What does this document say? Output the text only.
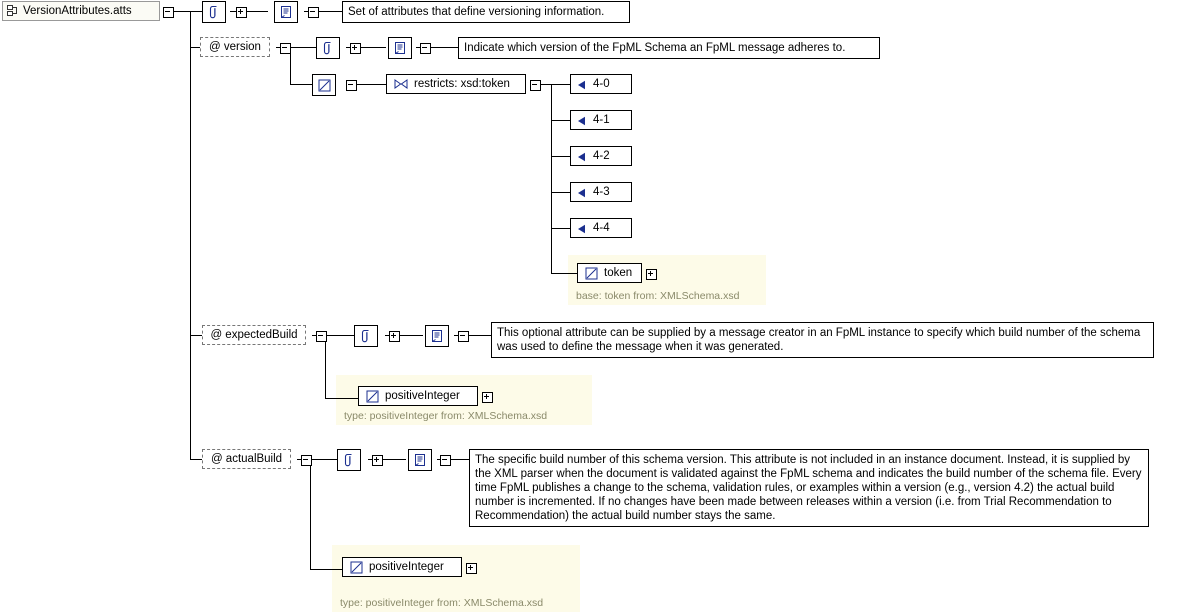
base: token from: XMLSchema.xsd
type: positiveInteger from: XMLSchema.xsd
type: positiveInteger from: XMLSchema.xsd
VersionAttributes.atts	Set of attributes that define versioning information.
@ version	Indicate which version of the FpML Schema an FpML message adheres to.
restricts: xsd:token	4-0
4-1
4-2
4-3
4-4
token
@ expectedBuild	This optional attribute can be supplied by a message creator in an FpML instance to specify which build number of the schema was used to define the message when it was generated.
positiveInteger
@ actualBuild	The specific build number of this schema version. This attribute is not included in an instance document. Instead, it is supplied by the XML parser when the document is validated against the FpML schema and indicates the build number of the schema file. Every time FpML publishes a change to the schema, validation rules, or examples within a version (e.g., version 4.2) the actual build number is incremented. If no changes have been made between releases within a version (i.e. from Trial Recommendation to Recommendation) the actual build number stays the same.
positiveInteger
